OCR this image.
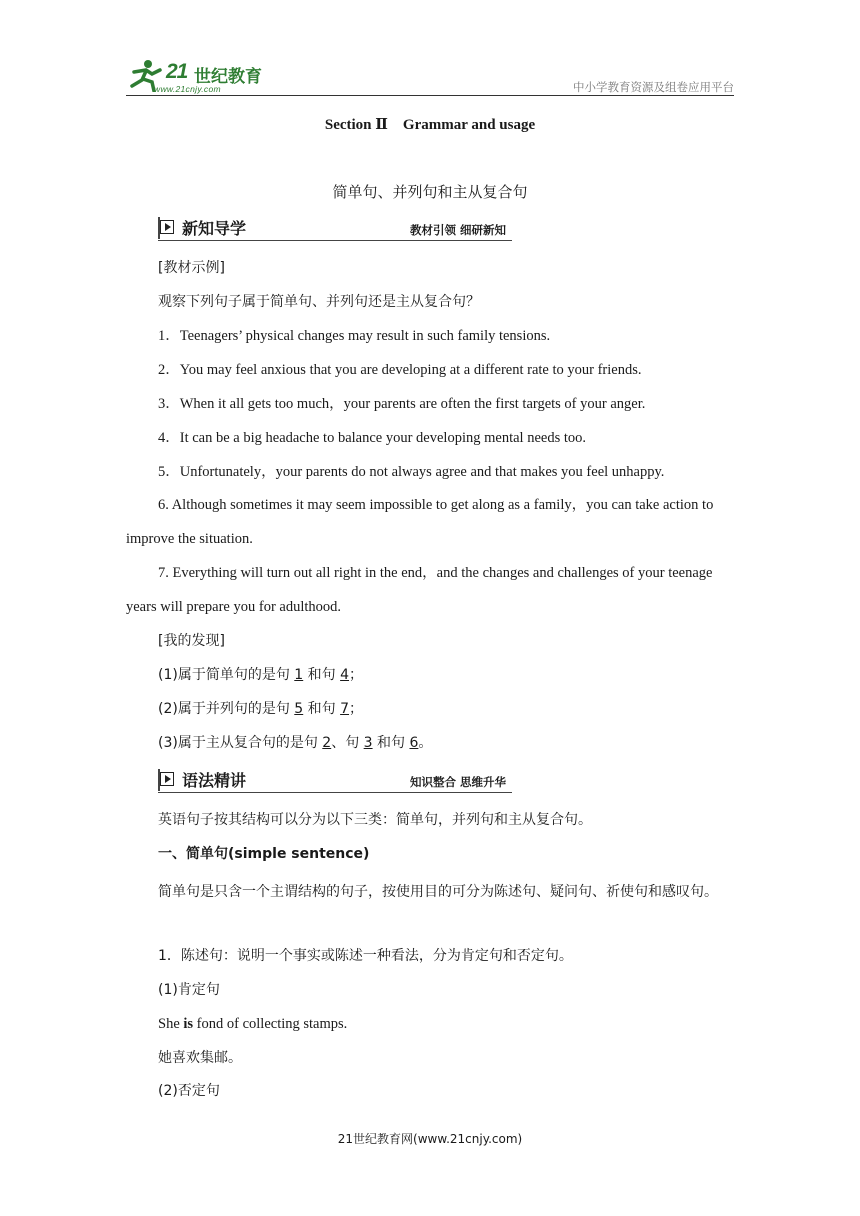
21 世纪教育
www.21cnjy.com	中小学教育资源及组卷应用平台
Section Ⅱ　Grammar and usage
简单句、并列句和主从复合句
新知导学	教材引领 细研新知
[教材示例]
观察下列句子属于简单句、并列句还是主从复合句？
1．Teenagers’ physical changes may result in such family tensions.
2．You may feel anxious that you are developing at a different rate to your friends.
3．When it all gets too much，your parents are often the first targets of your anger.
4．It can be a big headache to balance your developing mental needs too.
5．Unfortunately，your parents do not always agree and that makes you feel unhappy.
6. Although sometimes it may seem impossible to get along as a family，you can take action to
improve the situation.
7. Everything will turn out all right in the end，and the changes and challenges of your teenage
years will prepare you for adulthood.
[我的发现]
(1)属于简单句的是句 1 和句 4；
(2)属于并列句的是句 5 和句 7；
(3)属于主从复合句的是句 2、句 3 和句 6。
语法精讲	知识整合 思维升华
英语句子按其结构可以分为以下三类：简单句，并列句和主从复合句。
一、简单句(simple sentence)
简单句是只含一个主谓结构的句子，按使用目的可分为陈述句、疑问句、祈使句和感叹句。
1．陈述句：说明一个事实或陈述一种看法，分为肯定句和否定句。
(1)肯定句
She is fond of collecting stamps.
她喜欢集邮。
(2)否定句
21世纪教育网(www.21cnjy.com)
